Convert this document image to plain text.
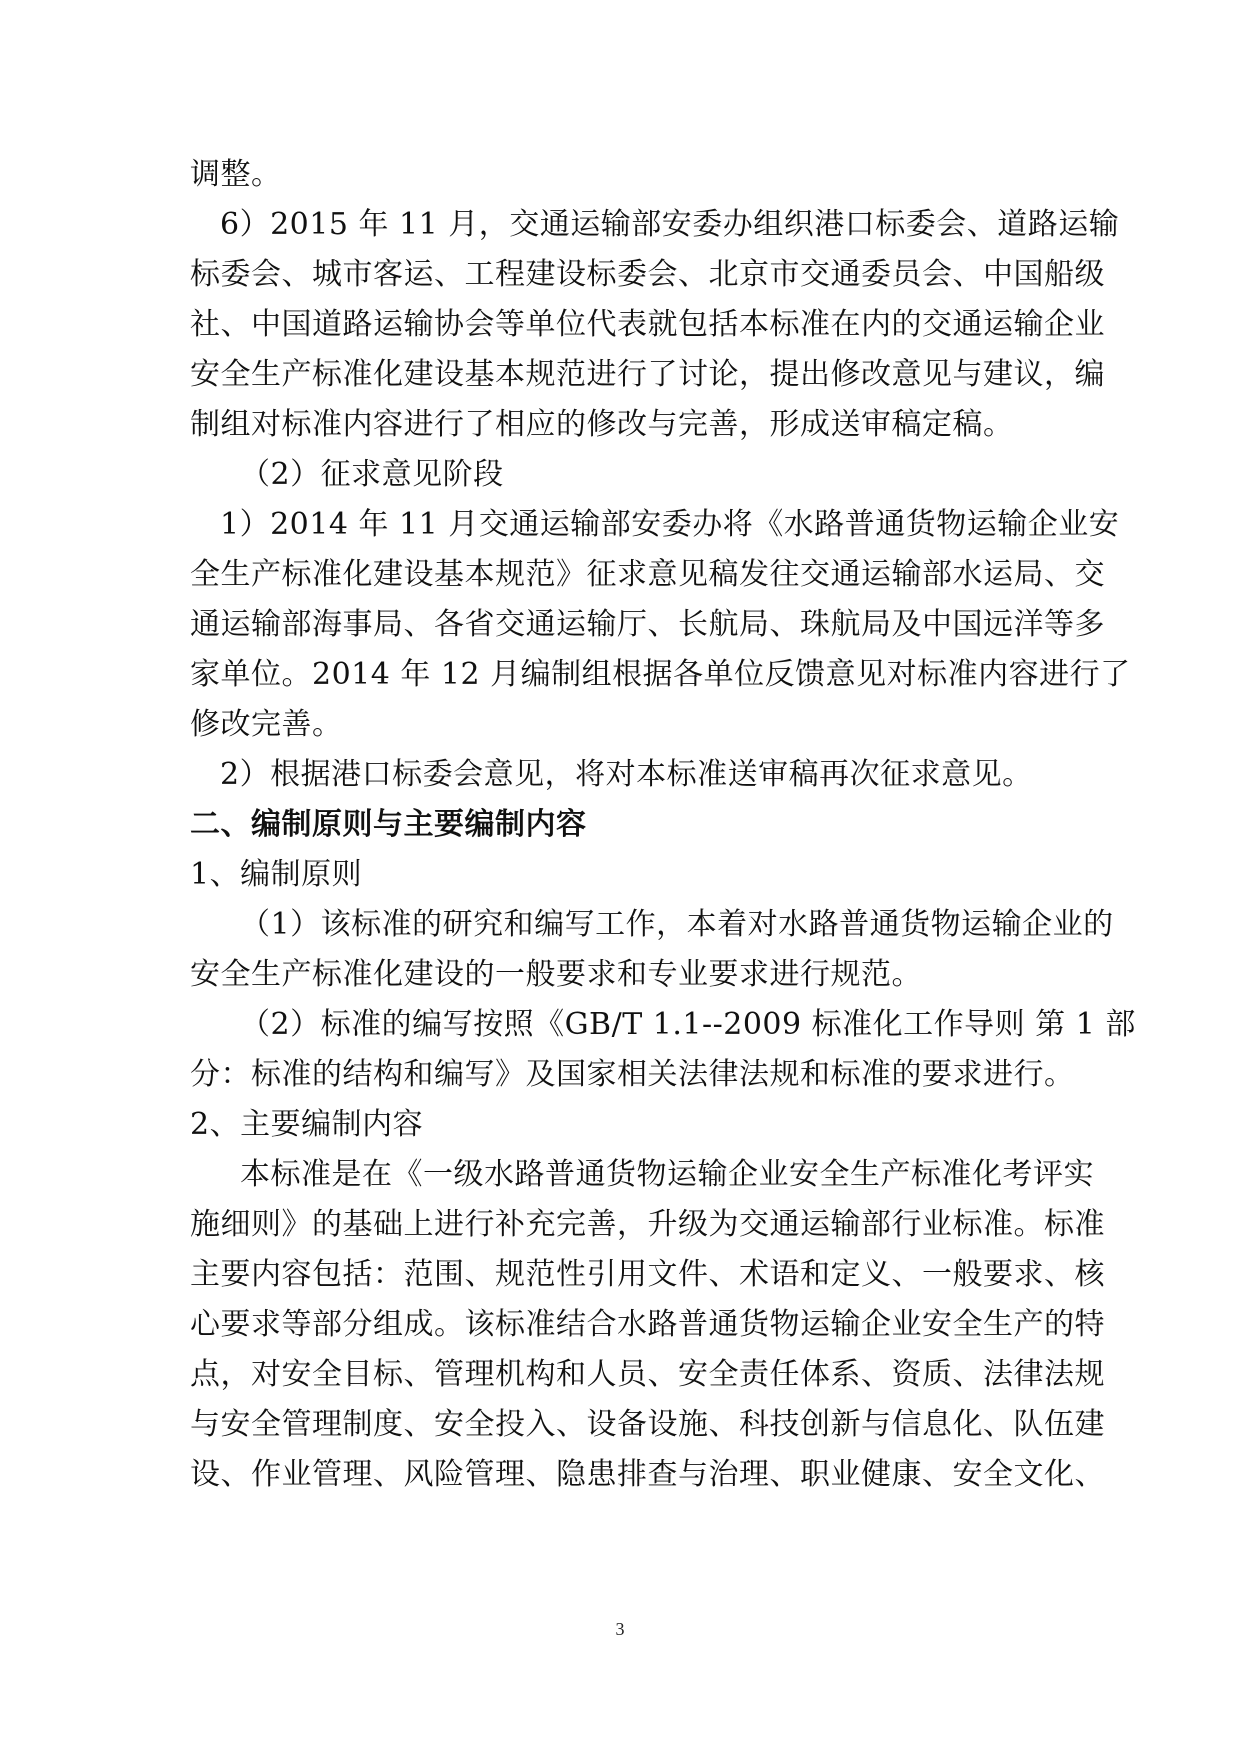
调整。
6）2015 年 11 月，交通运输部安委办组织港口标委会、道路运输
标委会、城市客运、工程建设标委会、北京市交通委员会、中国船级
社、中国道路运输协会等单位代表就包括本标准在内的交通运输企业
安全生产标准化建设基本规范进行了讨论，提出修改意见与建议，编
制组对标准内容进行了相应的修改与完善，形成送审稿定稿。
（2）征求意见阶段
1）2014 年 11 月交通运输部安委办将《水路普通货物运输企业安
全生产标准化建设基本规范》征求意见稿发往交通运输部水运局、交
通运输部海事局、各省交通运输厅、长航局、珠航局及中国远洋等多
家单位。2014 年 12 月编制组根据各单位反馈意见对标准内容进行了
修改完善。
2）根据港口标委会意见，将对本标准送审稿再次征求意见。
二、编制原则与主要编制内容
1、编制原则
（1）该标准的研究和编写工作，本着对水路普通货物运输企业的
安全生产标准化建设的一般要求和专业要求进行规范。
（2）标准的编写按照《GB/T 1.1--2009 标准化工作导则 第 1 部
分：标准的结构和编写》及国家相关法律法规和标准的要求进行。
2、主要编制内容
本标准是在《一级水路普通货物运输企业安全生产标准化考评实
施细则》的基础上进行补充完善，升级为交通运输部行业标准。标准
主要内容包括：范围、规范性引用文件、术语和定义、一般要求、核
心要求等部分组成。该标准结合水路普通货物运输企业安全生产的特
点，对安全目标、管理机构和人员、安全责任体系、资质、法律法规
与安全管理制度、安全投入、设备设施、科技创新与信息化、队伍建
设、作业管理、风险管理、隐患排查与治理、职业健康、安全文化、
3
